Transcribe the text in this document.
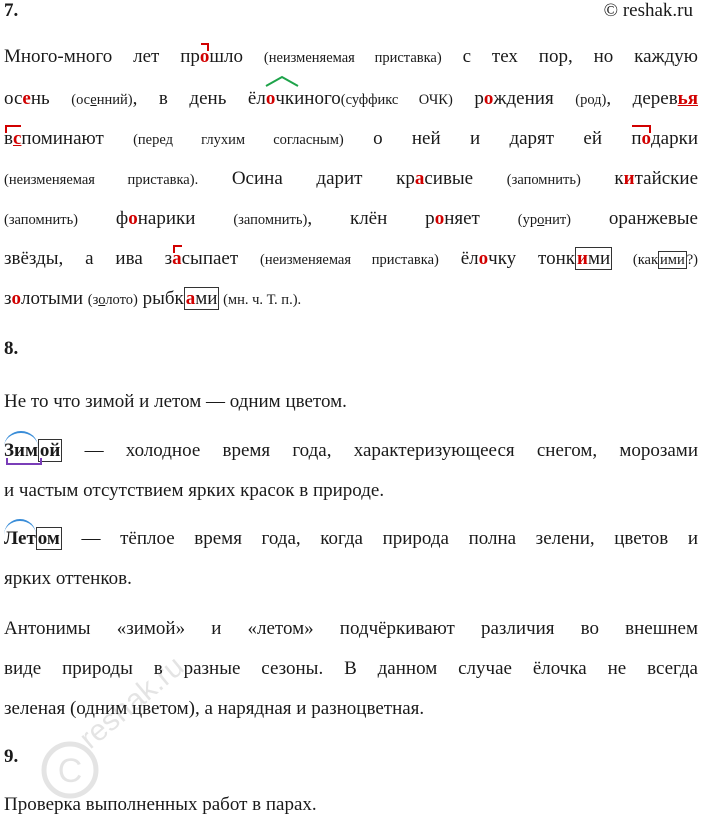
7.	© reshak.ru

Много-много лет прошло (неизменяемая приставка) с тех пор, но каждую

осень (осенний), в день ёл
очкиного(суффикс ОЧК) рождения (род), деревья

вспоминают (перед глухим согласным) о ней и дарят ей подарки

(неизменяемая приставка). Осина дарит красивые (запомнить) китайские

(запомнить) фонарики (запомнить), клён роняет (уронит) оранжевые

звёзды, а ива засыпает (неизменяемая приставка) ёлочку тонк ими (как ими ?)

золотыми (золото) рыбк ами (мн. ч. Т. п.).

8.

Не то что зимой и летом — одним цветом.

Зим ой — холодное время года, характеризующееся снегом, морозами

и частым отсутствием ярких красок в природе.

Лет ом — тёплое время года, когда природа полна зелени, цветов и

ярких оттенков.

Антонимы «зимой» и «летом» подчёркивают различия во внешнем

виде природы в разные сезоны. В данном случае ёлочка не всегда

зеленая (одним цветом), а нарядная и разноцветная.

9.

Проверка выполненных работ в парах.

C
reshak.ru
